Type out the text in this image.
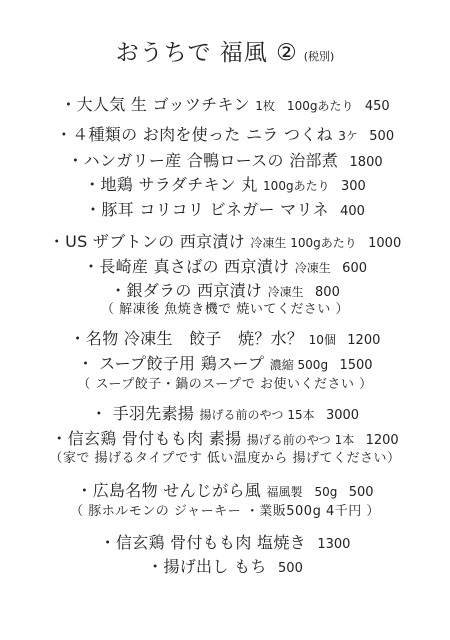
おうちで 福風 ② (税別)
・大人気 生 ゴッツチキン 1枚　100gあたり 450
・４種類の お肉を使った ニラ つくね 3ケ 500
・ハンガリー産 合鴨ロースの 治部煮 1800
・地鶏 サラダチキン 丸 100gあたり 300
・豚耳 コリコリ ビネガー マリネ 400
・US ザブトンの 西京漬け 冷凍生 100gあたり 1000
・長崎産 真さばの 西京漬け 冷凍生 600
・銀ダラの 西京漬け 冷凍生 800
（ 解凍後 魚焼き機で 焼いてください ）
・名物 冷凍生　餃子　焼？水？ 10個 1200
・ スープ餃子用 鶏スープ 濃縮 500g 1500
（ スープ餃子・鍋のスープで お使いください ）
・ 手羽先素揚 揚げる前のやつ 15本 3000
・信玄鶏 骨付もも肉 素揚 揚げる前のやつ 1本 1200
（家で 揚げるタイプです 低い温度から 揚げてください）
・広島名物 せんじがら風 福風製　50g 500
（ 豚ホルモンの ジャーキー ・業販500g 4千円 ）
・信玄鶏 骨付もも肉 塩焼き 1300
・揚げ出し もち 500
